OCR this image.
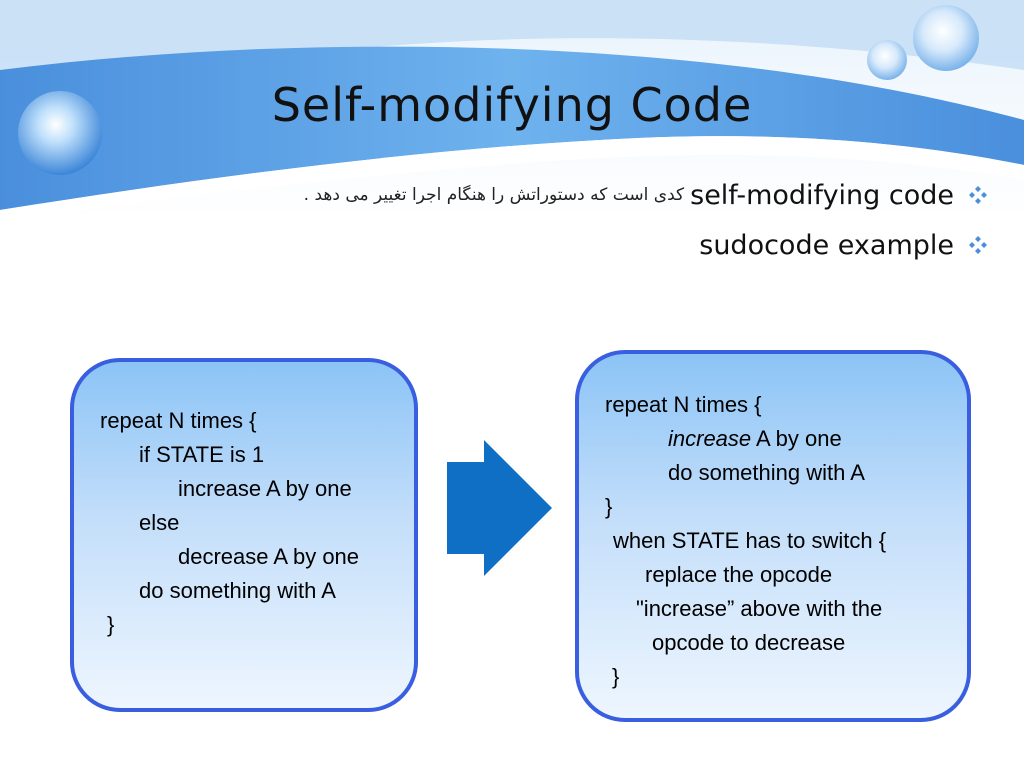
Self-modifying Code
کدی است که دستوراتش را هنگام اجرا تغییر می دهد . self-modifying code
sudocode example
repeat N times {
if STATE is 1
increase A by one
else
decrease A by one
do something with A
}
repeat N times {
increase A by one
do something with A
}
when STATE has to switch {
replace the opcode
"increase” above with the
opcode to decrease
}
